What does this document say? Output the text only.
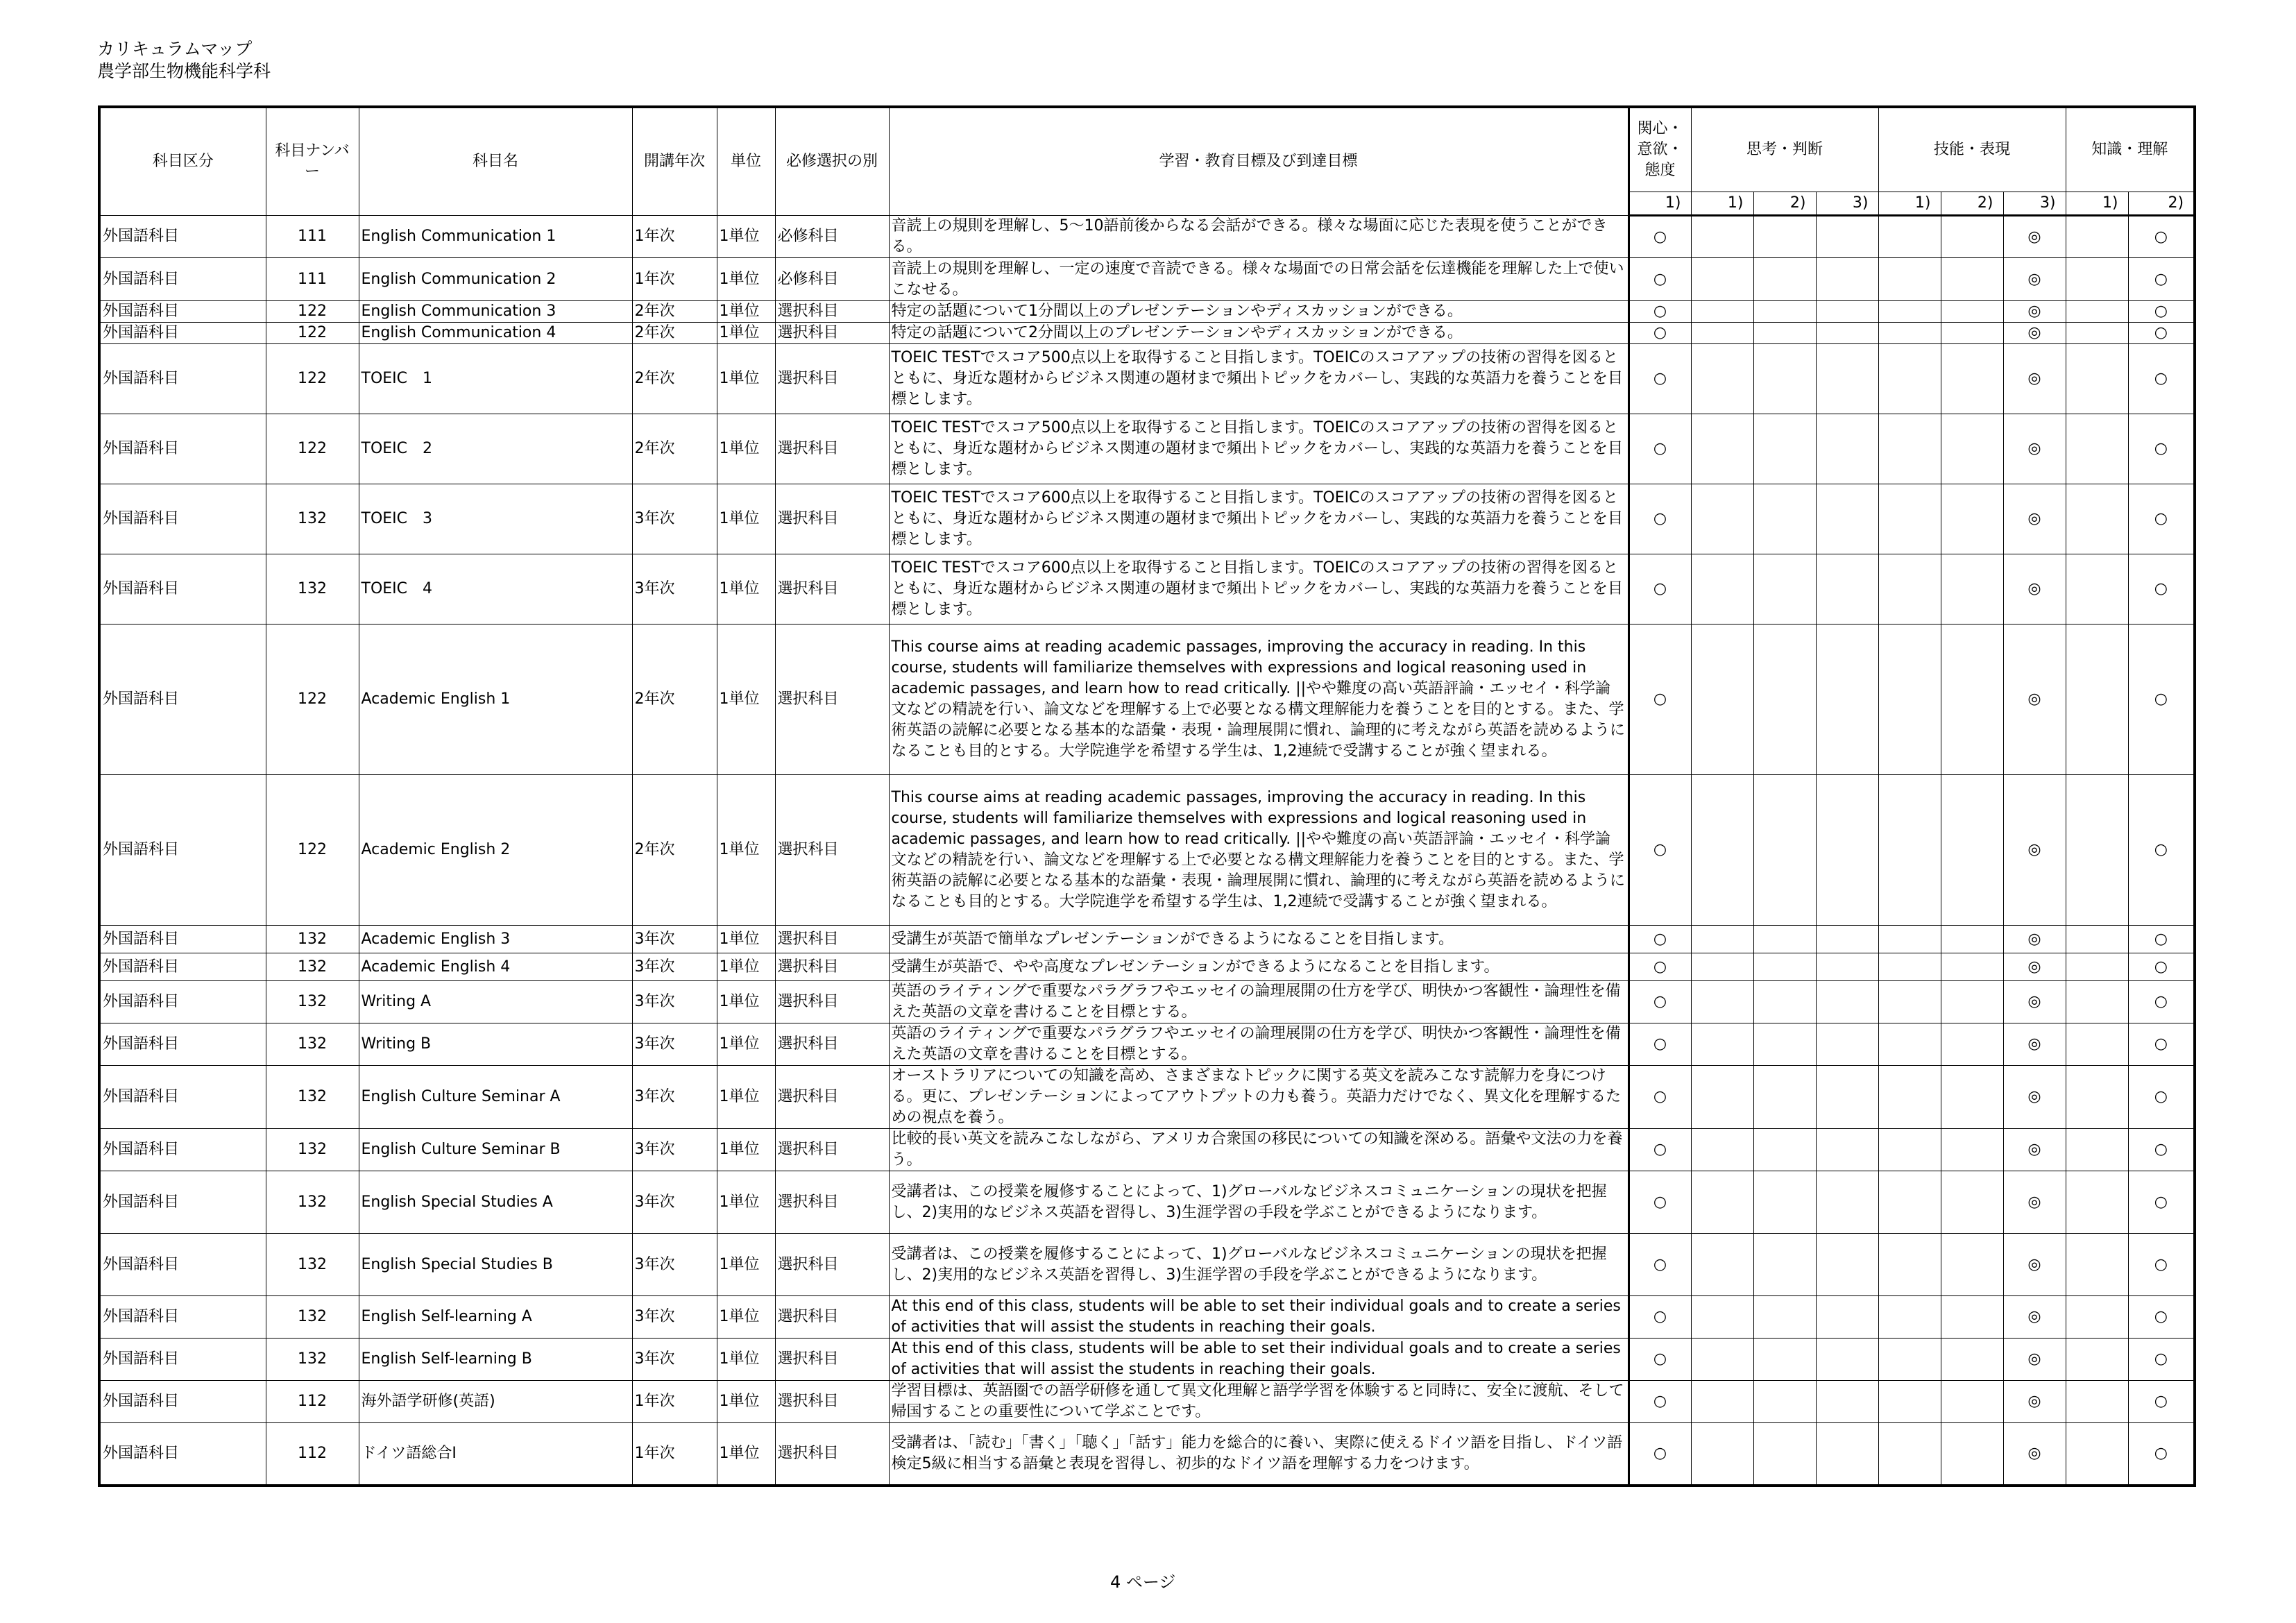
カリキュラムマップ
農学部生物機能科学科
科目区分	科目ナンバー	科目名	開講年次	単位	必修選択の別	学習・教育目標及び到達目標	関心・意欲・態度	思考・判断			技能・表現			知識・理解	
							1)	1)	2)	3)	1)	2)	3)	1)	2)
外国語科目	111	English Communication 1	1年次	1単位	必修科目	音読上の規則を理解し、5～10語前後からなる会話ができる。様々な場面に応じた表現を使うことができる。	○						◎		○
外国語科目	111	English Communication 2	1年次	1単位	必修科目	音読上の規則を理解し、一定の速度で音読できる。様々な場面での日常会話を伝達機能を理解した上で使いこなせる。	○						◎		○
外国語科目	122	English Communication 3	2年次	1単位	選択科目	特定の話題について1分間以上のプレゼンテーションやディスカッションができる。	○						◎		○
外国語科目	122	English Communication 4	2年次	1単位	選択科目	特定の話題について2分間以上のプレゼンテーションやディスカッションができる。	○						◎		○
外国語科目	122	TOEIC　1	2年次	1単位	選択科目	TOEIC TESTでスコア500点以上を取得すること目指します。TOEICのスコアアップの技術の習得を図るとともに、身近な題材からビジネス関連の題材まで頻出トピックをカバーし、実践的な英語力を養うことを目標とします。	○						◎		○
外国語科目	122	TOEIC　2	2年次	1単位	選択科目	TOEIC TESTでスコア500点以上を取得すること目指します。TOEICのスコアアップの技術の習得を図るとともに、身近な題材からビジネス関連の題材まで頻出トピックをカバーし、実践的な英語力を養うことを目標とします。	○						◎		○
外国語科目	132	TOEIC　3	3年次	1単位	選択科目	TOEIC TESTでスコア600点以上を取得すること目指します。TOEICのスコアアップの技術の習得を図るとともに、身近な題材からビジネス関連の題材まで頻出トピックをカバーし、実践的な英語力を養うことを目標とします。	○						◎		○
外国語科目	132	TOEIC　4	3年次	1単位	選択科目	TOEIC TESTでスコア600点以上を取得すること目指します。TOEICのスコアアップの技術の習得を図るとともに、身近な題材からビジネス関連の題材まで頻出トピックをカバーし、実践的な英語力を養うことを目標とします。	○						◎		○
外国語科目	122	Academic English 1	2年次	1単位	選択科目	This course aims at reading academic passages, improving the accuracy in reading. In this course, students will familiarize themselves with expressions and logical reasoning used in academic passages, and learn how to read critically. ||やや難度の高い英語評論・エッセイ・科学論文などの精読を行い、論文などを理解する上で必要となる構文理解能力を養うことを目的とする。また、学術英語の読解に必要となる基本的な語彙・表現・論理展開に慣れ、論理的に考えながら英語を読めるようになることも目的とする。大学院進学を希望する学生は、1,2連続で受講することが強く望まれる。	○						◎		○
外国語科目	122	Academic English 2	2年次	1単位	選択科目	This course aims at reading academic passages, improving the accuracy in reading. In this course, students will familiarize themselves with expressions and logical reasoning used in academic passages, and learn how to read critically. ||やや難度の高い英語評論・エッセイ・科学論文などの精読を行い、論文などを理解する上で必要となる構文理解能力を養うことを目的とする。また、学術英語の読解に必要となる基本的な語彙・表現・論理展開に慣れ、論理的に考えながら英語を読めるようになることも目的とする。大学院進学を希望する学生は、1,2連続で受講することが強く望まれる。	○						◎		○
外国語科目	132	Academic English 3	3年次	1単位	選択科目	受講生が英語で簡単なプレゼンテーションができるようになることを目指します。	○						◎		○
外国語科目	132	Academic English 4	3年次	1単位	選択科目	受講生が英語で、やや高度なプレゼンテーションができるようになることを目指します。	○						◎		○
外国語科目	132	Writing A	3年次	1単位	選択科目	英語のライティングで重要なパラグラフやエッセイの論理展開の仕方を学び、明快かつ客観性・論理性を備えた英語の文章を書けることを目標とする。	○						◎		○
外国語科目	132	Writing B	3年次	1単位	選択科目	英語のライティングで重要なパラグラフやエッセイの論理展開の仕方を学び、明快かつ客観性・論理性を備えた英語の文章を書けることを目標とする。	○						◎		○
外国語科目	132	English Culture Seminar A	3年次	1単位	選択科目	オーストラリアについての知識を高め、さまざまなトピックに関する英文を読みこなす読解力を身につける。更に、プレゼンテーションによってアウトプットの力も養う。英語力だけでなく、異文化を理解するための視点を養う。	○						◎		○
外国語科目	132	English Culture Seminar B	3年次	1単位	選択科目	比較的長い英文を読みこなしながら、アメリカ合衆国の移民についての知識を深める。語彙や文法の力を養う。	○						◎		○
外国語科目	132	English Special Studies A	3年次	1単位	選択科目	受講者は、この授業を履修することによって、1)グローバルなビジネスコミュニケーションの現状を把握し、2)実用的なビジネス英語を習得し、3)生涯学習の手段を学ぶことができるようになります。	○						◎		○
外国語科目	132	English Special Studies B	3年次	1単位	選択科目	受講者は、この授業を履修することによって、1)グローバルなビジネスコミュニケーションの現状を把握し、2)実用的なビジネス英語を習得し、3)生涯学習の手段を学ぶことができるようになります。	○						◎		○
外国語科目	132	English Self-learning A	3年次	1単位	選択科目	At this end of this class, students will be able to set their individual goals and to create a series of activities that will assist the students in reaching their goals.	○						◎		○
外国語科目	132	English Self-learning B	3年次	1単位	選択科目	At this end of this class, students will be able to set their individual goals and to create a series of activities that will assist the students in reaching their goals.	○						◎		○
外国語科目	112	海外語学研修(英語)	1年次	1単位	選択科目	学習目標は、英語圏での語学研修を通して異文化理解と語学学習を体験すると同時に、安全に渡航、そして帰国することの重要性について学ぶことです。	○						◎		○
外国語科目	112	ドイツ語総合I	1年次	1単位	選択科目	受講者は、「読む」「書く」「聴く」「話す」能力を総合的に養い、実際に使えるドイツ語を目指し、ドイツ語検定5級に相当する語彙と表現を習得し、初歩的なドイツ語を理解する力をつけます。	○						◎		○
4 ページ
